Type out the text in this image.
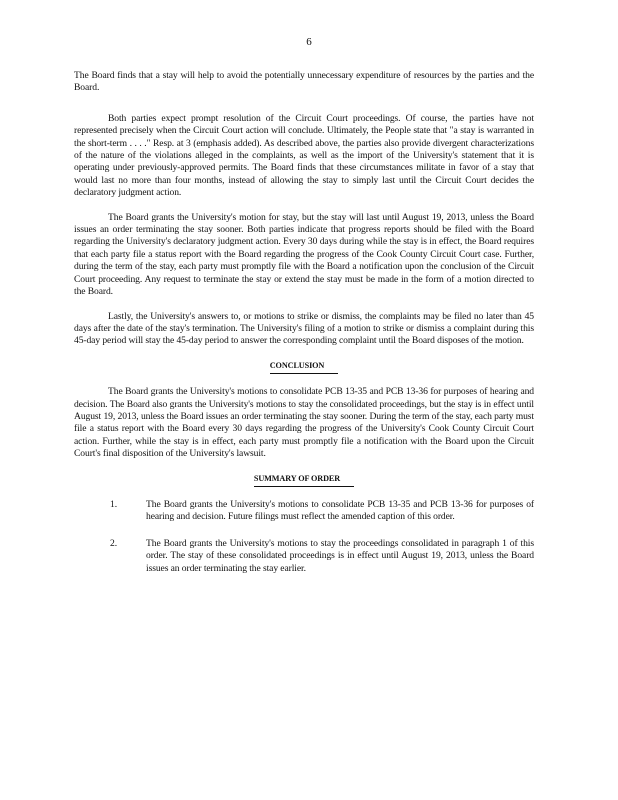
6

The Board finds that a stay will help to avoid the potentially unnecessary expenditure of resources by the parties and the Board.

Both parties expect prompt resolution of the Circuit Court proceedings. Of course, the parties have not represented precisely when the Circuit Court action will conclude. Ultimately, the People state that "a stay is warranted in the short-term . . . ." Resp. at 3 (emphasis added). As described above, the parties also provide divergent characterizations of the nature of the violations alleged in the complaints, as well as the import of the University's statement that it is operating under previously-approved permits. The Board finds that these circumstances militate in favor of a stay that would last no more than four months, instead of allowing the stay to simply last until the Circuit Court decides the declaratory judgment action.

The Board grants the University's motion for stay, but the stay will last until August 19, 2013, unless the Board issues an order terminating the stay sooner. Both parties indicate that progress reports should be filed with the Board regarding the University's declaratory judgment action. Every 30 days during while the stay is in effect, the Board requires that each party file a status report with the Board regarding the progress of the Cook County Circuit Court case. Further, during the term of the stay, each party must promptly file with the Board a notification upon the conclusion of the Circuit Court proceeding. Any request to terminate the stay or extend the stay must be made in the form of a motion directed to the Board.

Lastly, the University's answers to, or motions to strike or dismiss, the complaints may be filed no later than 45 days after the date of the stay's termination. The University's filing of a motion to strike or dismiss a complaint during this 45-day period will stay the 45-day period to answer the corresponding complaint until the Board disposes of the motion.

CONCLUSION

The Board grants the University's motions to consolidate PCB 13-35 and PCB 13-36 for purposes of hearing and decision. The Board also grants the University's motions to stay the consolidated proceedings, but the stay is in effect until August 19, 2013, unless the Board issues an order terminating the stay sooner. During the term of the stay, each party must file a status report with the Board every 30 days regarding the progress of the University's Cook County Circuit Court action. Further, while the stay is in effect, each party must promptly file a notification with the Board upon the Circuit Court's final disposition of the University's lawsuit.

SUMMARY OF ORDER
1.	The Board grants the University's motions to consolidate PCB 13-35 and PCB 13-36 for purposes of hearing and decision. Future filings must reflect the amended caption of this order.
2.	The Board grants the University's motions to stay the proceedings consolidated in paragraph 1 of this order. The stay of these consolidated proceedings is in effect until August 19, 2013, unless the Board issues an order terminating the stay earlier.
